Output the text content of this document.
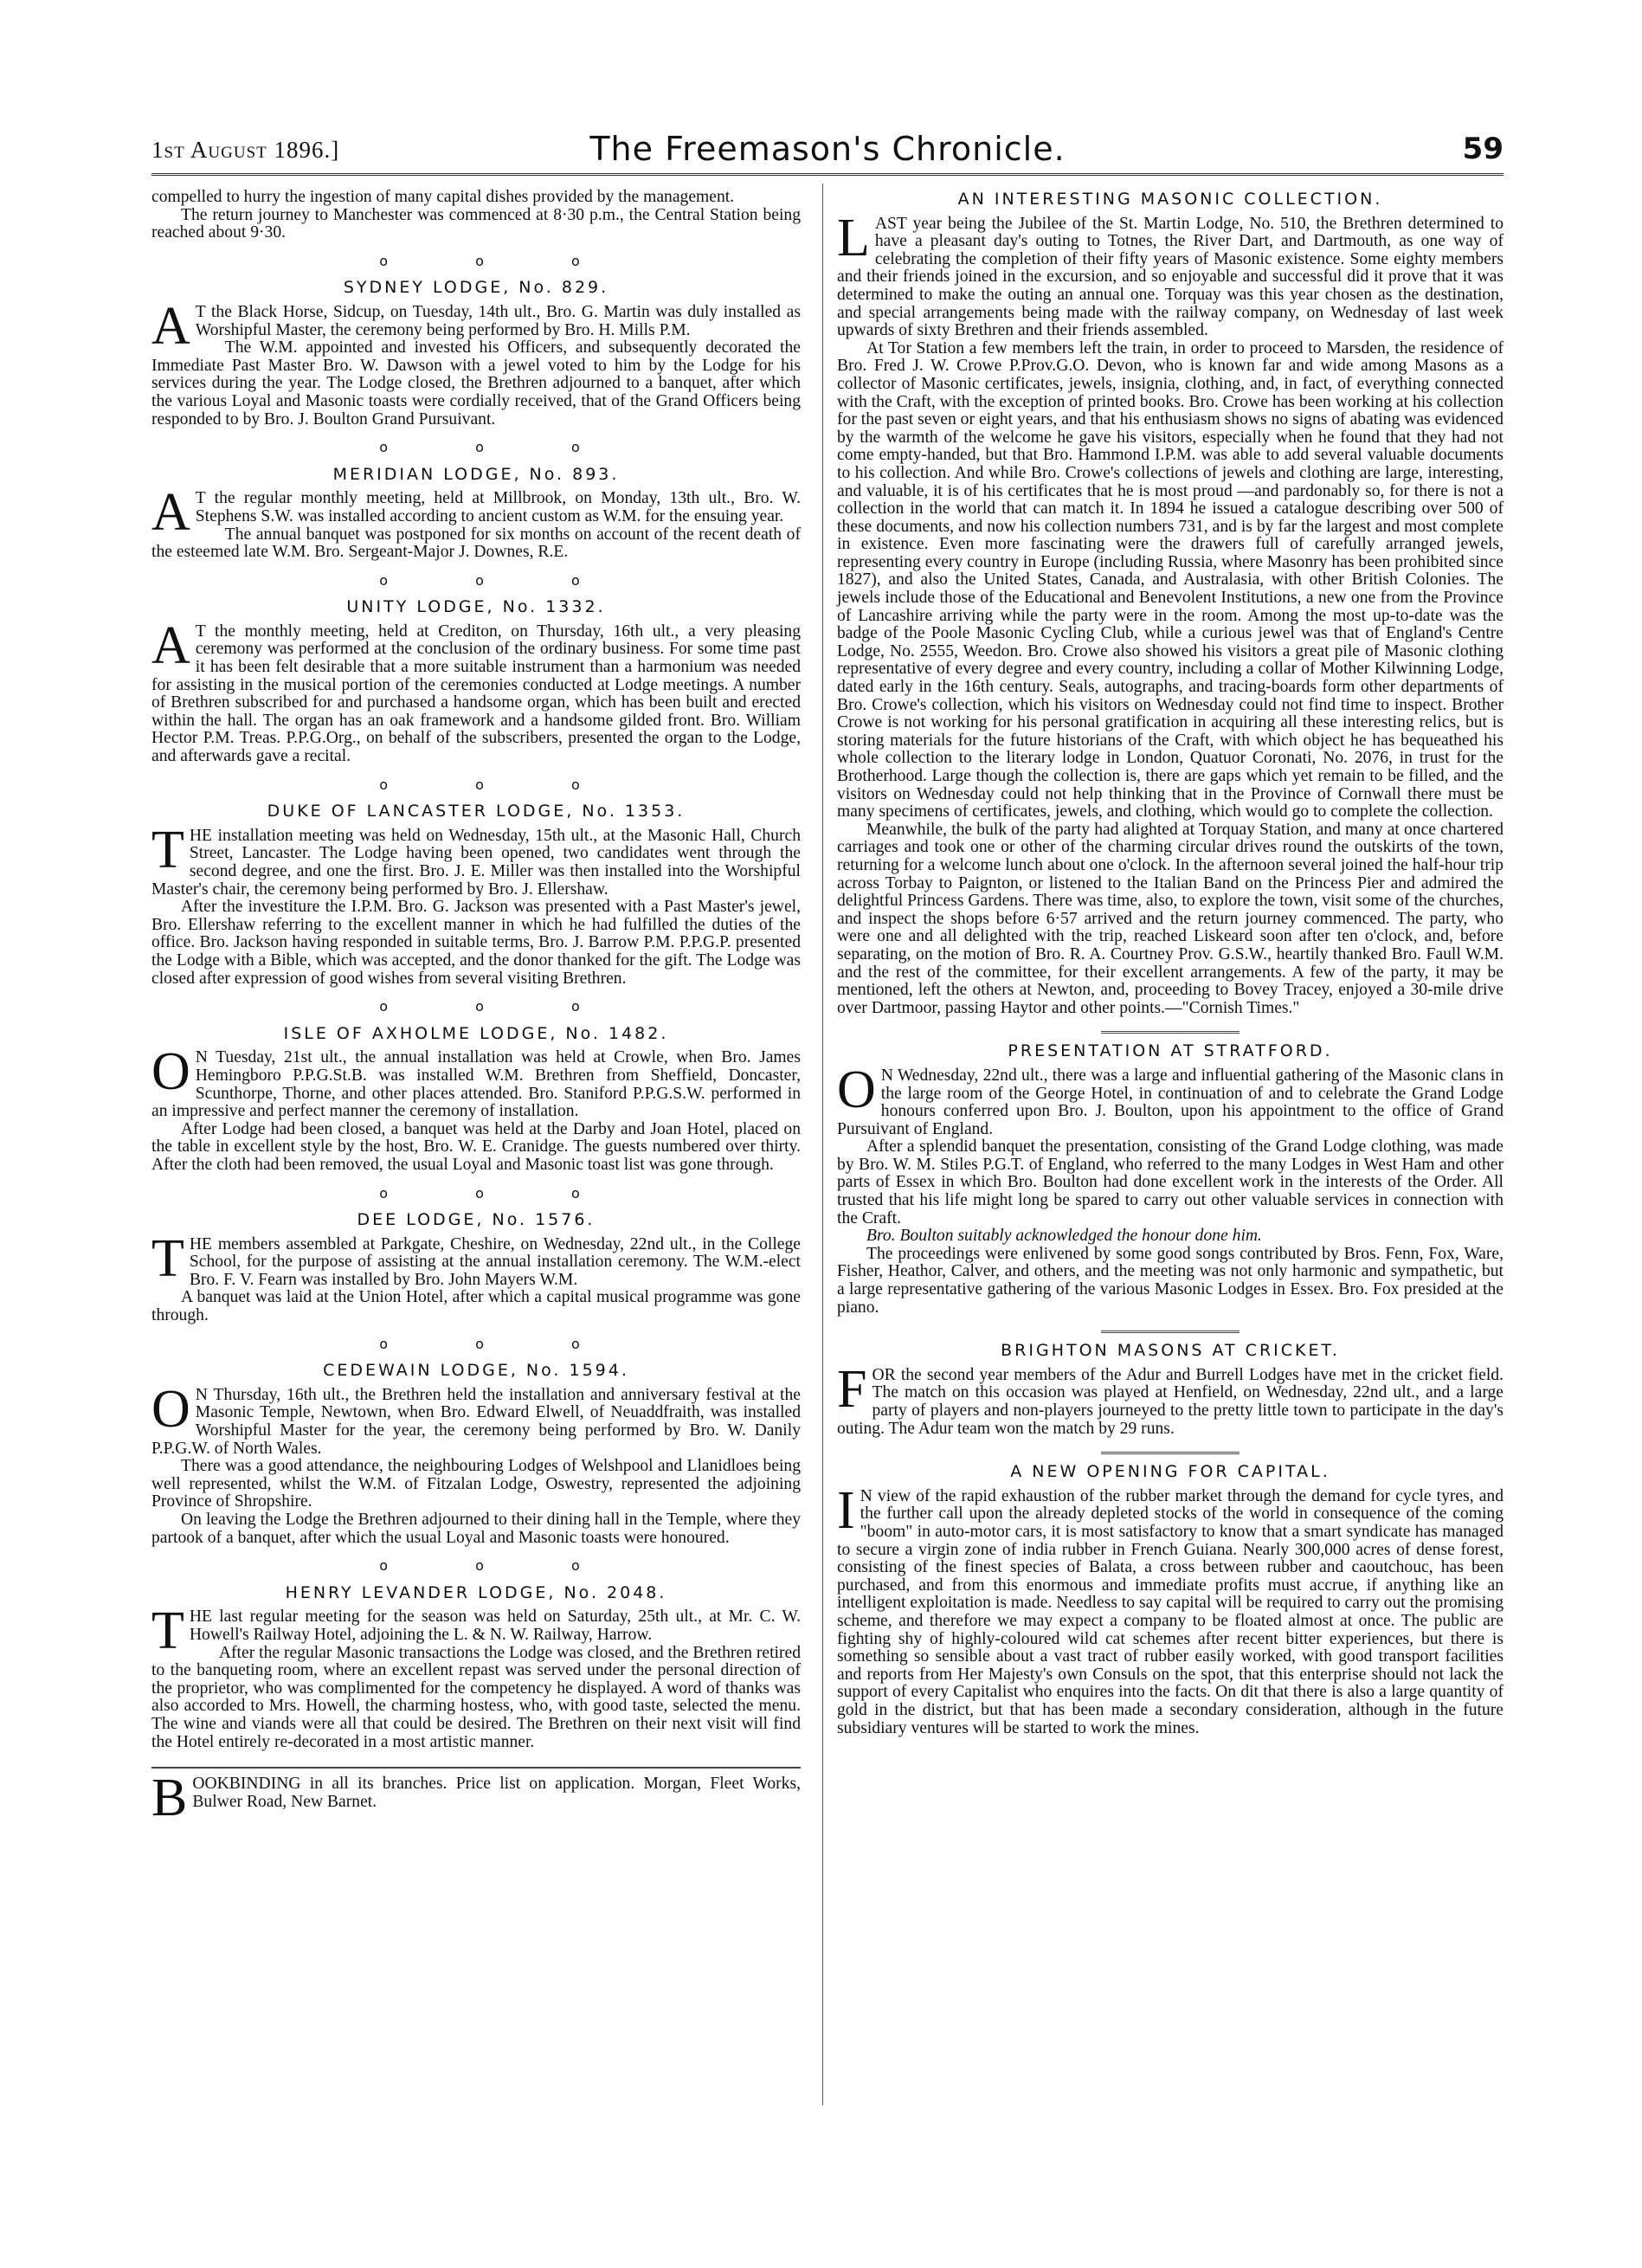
1st August 1896.]	The Freemason's Chronicle.	59

compelled to hurry the ingestion of many capital dishes provided by the management.

The return journey to Manchester was commenced at 8·30 p.m., the Central Station being reached about 9·30.

o o o
SYDNEY LODGE, No. 829.

AT the Black Horse, Sidcup, on Tuesday, 14th ult., Bro. G. Martin was duly installed as Worshipful Master, the ceremony being performed by Bro. H. Mills P.M.

The W.M. appointed and invested his Officers, and subsequently decorated the Immediate Past Master Bro. W. Dawson with a jewel voted to him by the Lodge for his services during the year. The Lodge closed, the Brethren adjourned to a banquet, after which the various Loyal and Masonic toasts were cordially received, that of the Grand Officers being responded to by Bro. J. Boulton Grand Pursuivant.

o o o
MERIDIAN LODGE, No. 893.

AT the regular monthly meeting, held at Millbrook, on Monday, 13th ult., Bro. W. Stephens S.W. was installed according to ancient custom as W.M. for the ensuing year.

The annual banquet was postponed for six months on account of the recent death of the esteemed late W.M. Bro. Sergeant-Major J. Downes, R.E.

o o o
UNITY LODGE, No. 1332.

AT the monthly meeting, held at Crediton, on Thursday, 16th ult., a very pleasing ceremony was performed at the conclusion of the ordinary business. For some time past it has been felt desirable that a more suitable instrument than a harmonium was needed for assisting in the musical portion of the ceremonies conducted at Lodge meetings. A number of Brethren subscribed for and purchased a handsome organ, which has been built and erected within the hall. The organ has an oak framework and a handsome gilded front. Bro. William Hector P.M. Treas. P.P.G.Org., on behalf of the subscribers, presented the organ to the Lodge, and afterwards gave a recital.

o o o
DUKE OF LANCASTER LODGE, No. 1353.

THE installation meeting was held on Wednesday, 15th ult., at the Masonic Hall, Church Street, Lancaster. The Lodge having been opened, two candidates went through the second degree, and one the first. Bro. J. E. Miller was then installed into the Worshipful Master's chair, the ceremony being performed by Bro. J. Ellershaw.

After the investiture the I.P.M. Bro. G. Jackson was presented with a Past Master's jewel, Bro. Ellershaw referring to the excellent manner in which he had fulfilled the duties of the office. Bro. Jackson having responded in suitable terms, Bro. J. Barrow P.M. P.P.G.P. presented the Lodge with a Bible, which was accepted, and the donor thanked for the gift. The Lodge was closed after expression of good wishes from several visiting Brethren.

o o o
ISLE OF AXHOLME LODGE, No. 1482.

ON Tuesday, 21st ult., the annual installation was held at Crowle, when Bro. James Hemingboro P.P.G.St.B. was installed W.M. Brethren from Sheffield, Doncaster, Scunthorpe, Thorne, and other places attended. Bro. Staniford P.P.G.S.W. performed in an impressive and perfect manner the ceremony of installation.

After Lodge had been closed, a banquet was held at the Darby and Joan Hotel, placed on the table in excellent style by the host, Bro. W. E. Cranidge. The guests numbered over thirty. After the cloth had been removed, the usual Loyal and Masonic toast list was gone through.

o o o
DEE LODGE, No. 1576.

THE members assembled at Parkgate, Cheshire, on Wednesday, 22nd ult., in the College School, for the purpose of assisting at the annual installation ceremony. The W.M.-elect Bro. F. V. Fearn was installed by Bro. John Mayers W.M.

A banquet was laid at the Union Hotel, after which a capital musical programme was gone through.

o o o
CEDEWAIN LODGE, No. 1594.

ON Thursday, 16th ult., the Brethren held the installation and anniversary festival at the Masonic Temple, Newtown, when Bro. Edward Elwell, of Neuaddfraith, was installed Worshipful Master for the year, the ceremony being performed by Bro. W. Danily P.P.G.W. of North Wales.

There was a good attendance, the neighbouring Lodges of Welshpool and Llanidloes being well represented, whilst the W.M. of Fitzalan Lodge, Oswestry, represented the adjoining Province of Shropshire.

On leaving the Lodge the Brethren adjourned to their dining hall in the Temple, where they partook of a banquet, after which the usual Loyal and Masonic toasts were honoured.

o o o
HENRY LEVANDER LODGE, No. 2048.

THE last regular meeting for the season was held on Saturday, 25th ult., at Mr. C. W. Howell's Railway Hotel, adjoining the L. & N. W. Railway, Harrow.

After the regular Masonic transactions the Lodge was closed, and the Brethren retired to the banqueting room, where an excellent repast was served under the personal direction of the proprietor, who was complimented for the competency he displayed. A word of thanks was also accorded to Mrs. Howell, the charming hostess, who, with good taste, selected the menu. The wine and viands were all that could be desired. The Brethren on their next visit will find the Hotel entirely re-decorated in a most artistic manner.

BOOKBINDING in all its branches. Price list on application. Morgan, Fleet Works, Bulwer Road, New Barnet.

AN INTERESTING MASONIC COLLECTION.

LAST year being the Jubilee of the St. Martin Lodge, No. 510, the Brethren determined to have a pleasant day's outing to Totnes, the River Dart, and Dartmouth, as one way of celebrating the completion of their fifty years of Masonic existence. Some eighty members and their friends joined in the excursion, and so enjoyable and successful did it prove that it was determined to make the outing an annual one. Torquay was this year chosen as the destination, and special arrangements being made with the railway company, on Wednesday of last week upwards of sixty Brethren and their friends assembled.

At Tor Station a few members left the train, in order to proceed to Marsden, the residence of Bro. Fred J. W. Crowe P.Prov.G.O. Devon, who is known far and wide among Masons as a collector of Masonic certificates, jewels, insignia, clothing, and, in fact, of everything connected with the Craft, with the exception of printed books. Bro. Crowe has been working at his collection for the past seven or eight years, and that his enthusiasm shows no signs of abating was evidenced by the warmth of the welcome he gave his visitors, especially when he found that they had not come empty-handed, but that Bro. Hammond I.P.M. was able to add several valuable documents to his collection. And while Bro. Crowe's collections of jewels and clothing are large, interesting, and valuable, it is of his certificates that he is most proud —and pardonably so, for there is not a collection in the world that can match it. In 1894 he issued a catalogue describing over 500 of these documents, and now his collection numbers 731, and is by far the largest and most complete in existence. Even more fascinating were the drawers full of carefully arranged jewels, representing every country in Europe (including Russia, where Masonry has been prohibited since 1827), and also the United States, Canada, and Australasia, with other British Colonies. The jewels include those of the Educational and Benevolent Institutions, a new one from the Province of Lancashire arriving while the party were in the room. Among the most up-to-date was the badge of the Poole Masonic Cycling Club, while a curious jewel was that of England's Centre Lodge, No. 2555, Weedon. Bro. Crowe also showed his visitors a great pile of Masonic clothing representative of every degree and every country, including a collar of Mother Kilwinning Lodge, dated early in the 16th century. Seals, autographs, and tracing-boards form other departments of Bro. Crowe's collection, which his visitors on Wednesday could not find time to inspect. Brother Crowe is not working for his personal gratification in acquiring all these interesting relics, but is storing materials for the future historians of the Craft, with which object he has bequeathed his whole collection to the literary lodge in London, Quatuor Coronati, No. 2076, in trust for the Brotherhood. Large though the collection is, there are gaps which yet remain to be filled, and the visitors on Wednesday could not help thinking that in the Province of Cornwall there must be many specimens of certificates, jewels, and clothing, which would go to complete the collection.

Meanwhile, the bulk of the party had alighted at Torquay Station, and many at once chartered carriages and took one or other of the charming circular drives round the outskirts of the town, returning for a welcome lunch about one o'clock. In the afternoon several joined the half-hour trip across Torbay to Paignton, or listened to the Italian Band on the Princess Pier and admired the delightful Princess Gardens. There was time, also, to explore the town, visit some of the churches, and inspect the shops before 6·57 arrived and the return journey commenced. The party, who were one and all delighted with the trip, reached Liskeard soon after ten o'clock, and, before separating, on the motion of Bro. R. A. Courtney Prov. G.S.W., heartily thanked Bro. Faull W.M. and the rest of the committee, for their excellent arrangements. A few of the party, it may be mentioned, left the others at Newton, and, proceeding to Bovey Tracey, enjoyed a 30-mile drive over Dartmoor, passing Haytor and other points.—"Cornish Times."

PRESENTATION AT STRATFORD.

ON Wednesday, 22nd ult., there was a large and influential gathering of the Masonic clans in the large room of the George Hotel, in continuation of and to celebrate the Grand Lodge honours conferred upon Bro. J. Boulton, upon his appointment to the office of Grand Pursuivant of England.

After a splendid banquet the presentation, consisting of the Grand Lodge clothing, was made by Bro. W. M. Stiles P.G.T. of England, who referred to the many Lodges in West Ham and other parts of Essex in which Bro. Boulton had done excellent work in the interests of the Order. All trusted that his life might long be spared to carry out other valuable services in connection with the Craft.

Bro. Boulton suitably acknowledged the honour done him.

The proceedings were enlivened by some good songs contributed by Bros. Fenn, Fox, Ware, Fisher, Heathor, Calver, and others, and the meeting was not only harmonic and sympathetic, but a large representative gathering of the various Masonic Lodges in Essex. Bro. Fox presided at the piano.

BRIGHTON MASONS AT CRICKET.

FOR the second year members of the Adur and Burrell Lodges have met in the cricket field. The match on this occasion was played at Henfield, on Wednesday, 22nd ult., and a large party of players and non-players journeyed to the pretty little town to participate in the day's outing. The Adur team won the match by 29 runs.

A NEW OPENING FOR CAPITAL.

IN view of the rapid exhaustion of the rubber market through the demand for cycle tyres, and the further call upon the already depleted stocks of the world in consequence of the coming "boom" in auto-motor cars, it is most satisfactory to know that a smart syndicate has managed to secure a virgin zone of india rubber in French Guiana. Nearly 300,000 acres of dense forest, consisting of the finest species of Balata, a cross between rubber and caoutchouc, has been purchased, and from this enormous and immediate profits must accrue, if anything like an intelligent exploitation is made. Needless to say capital will be required to carry out the promising scheme, and therefore we may expect a company to be floated almost at once. The public are fighting shy of highly-coloured wild cat schemes after recent bitter experiences, but there is something so sensible about a vast tract of rubber easily worked, with good transport facilities and reports from Her Majesty's own Consuls on the spot, that this enterprise should not lack the support of every Capitalist who enquires into the facts. On dit that there is also a large quantity of gold in the district, but that has been made a secondary consideration, although in the future subsidiary ventures will be started to work the mines.
